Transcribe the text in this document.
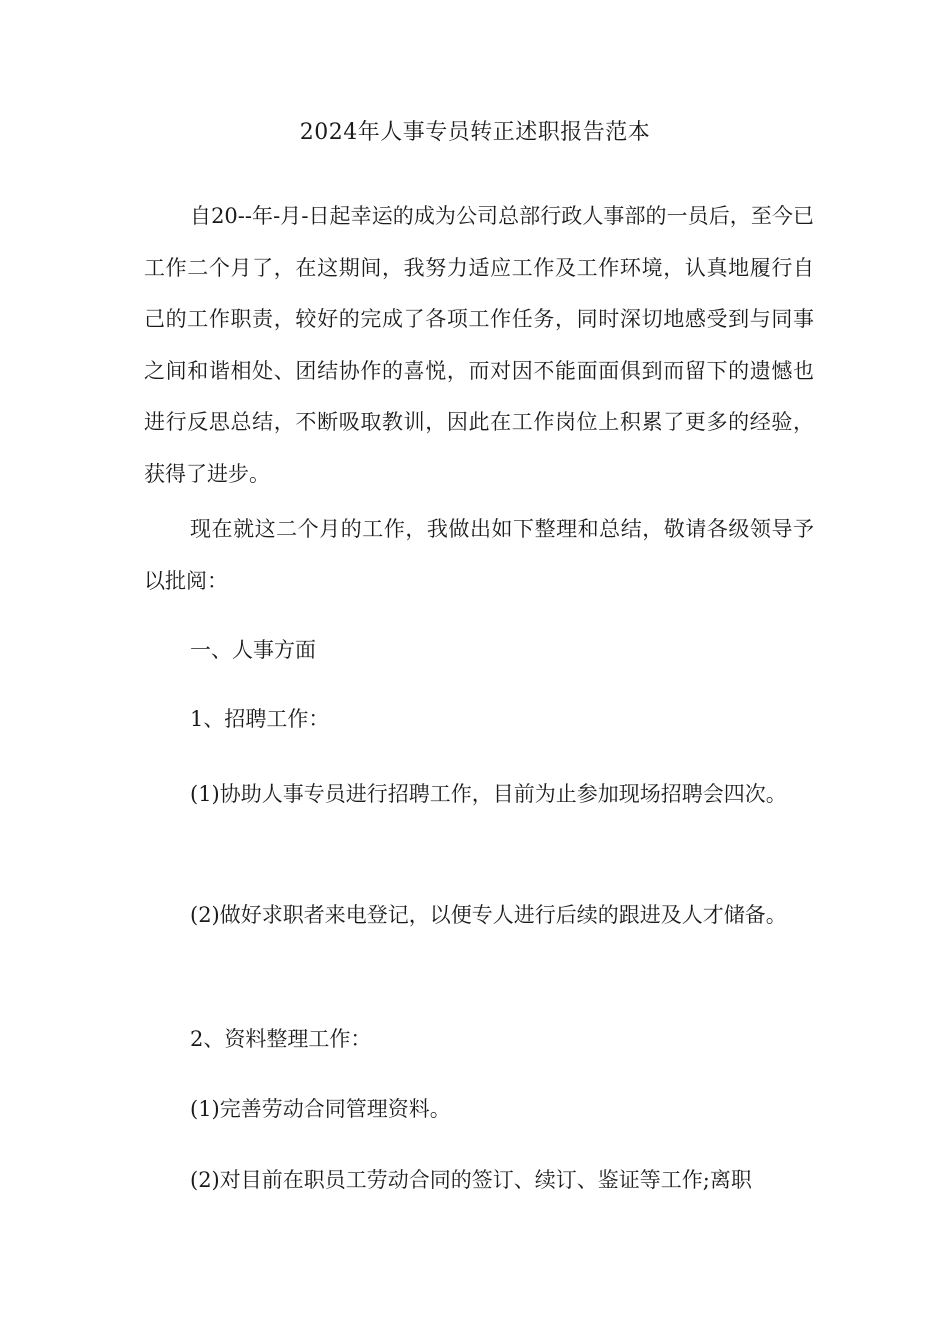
2024年人事专员转正述职报告范本

自20--年-月-日起幸运的成为公司总部行政人事部的一员后，至今已工作二个月了，在这期间，我努力适应工作及工作环境，认真地履行自己的工作职责，较好的完成了各项工作任务，同时深切地感受到与同事之间和谐相处、团结协作的喜悦，而对因不能面面俱到而留下的遗憾也进行反思总结，不断吸取教训，因此在工作岗位上积累了更多的经验，获得了进步。

现在就这二个月的工作，我做出如下整理和总结，敬请各级领导予以批阅：

一、人事方面

1、招聘工作：

(1)协助人事专员进行招聘工作，目前为止参加现场招聘会四次。

(2)做好求职者来电登记，以便专人进行后续的跟进及人才储备。

2、资料整理工作：

(1)完善劳动合同管理资料。

(2)对目前在职员工劳动合同的签订、续订、鉴证等工作;离职
